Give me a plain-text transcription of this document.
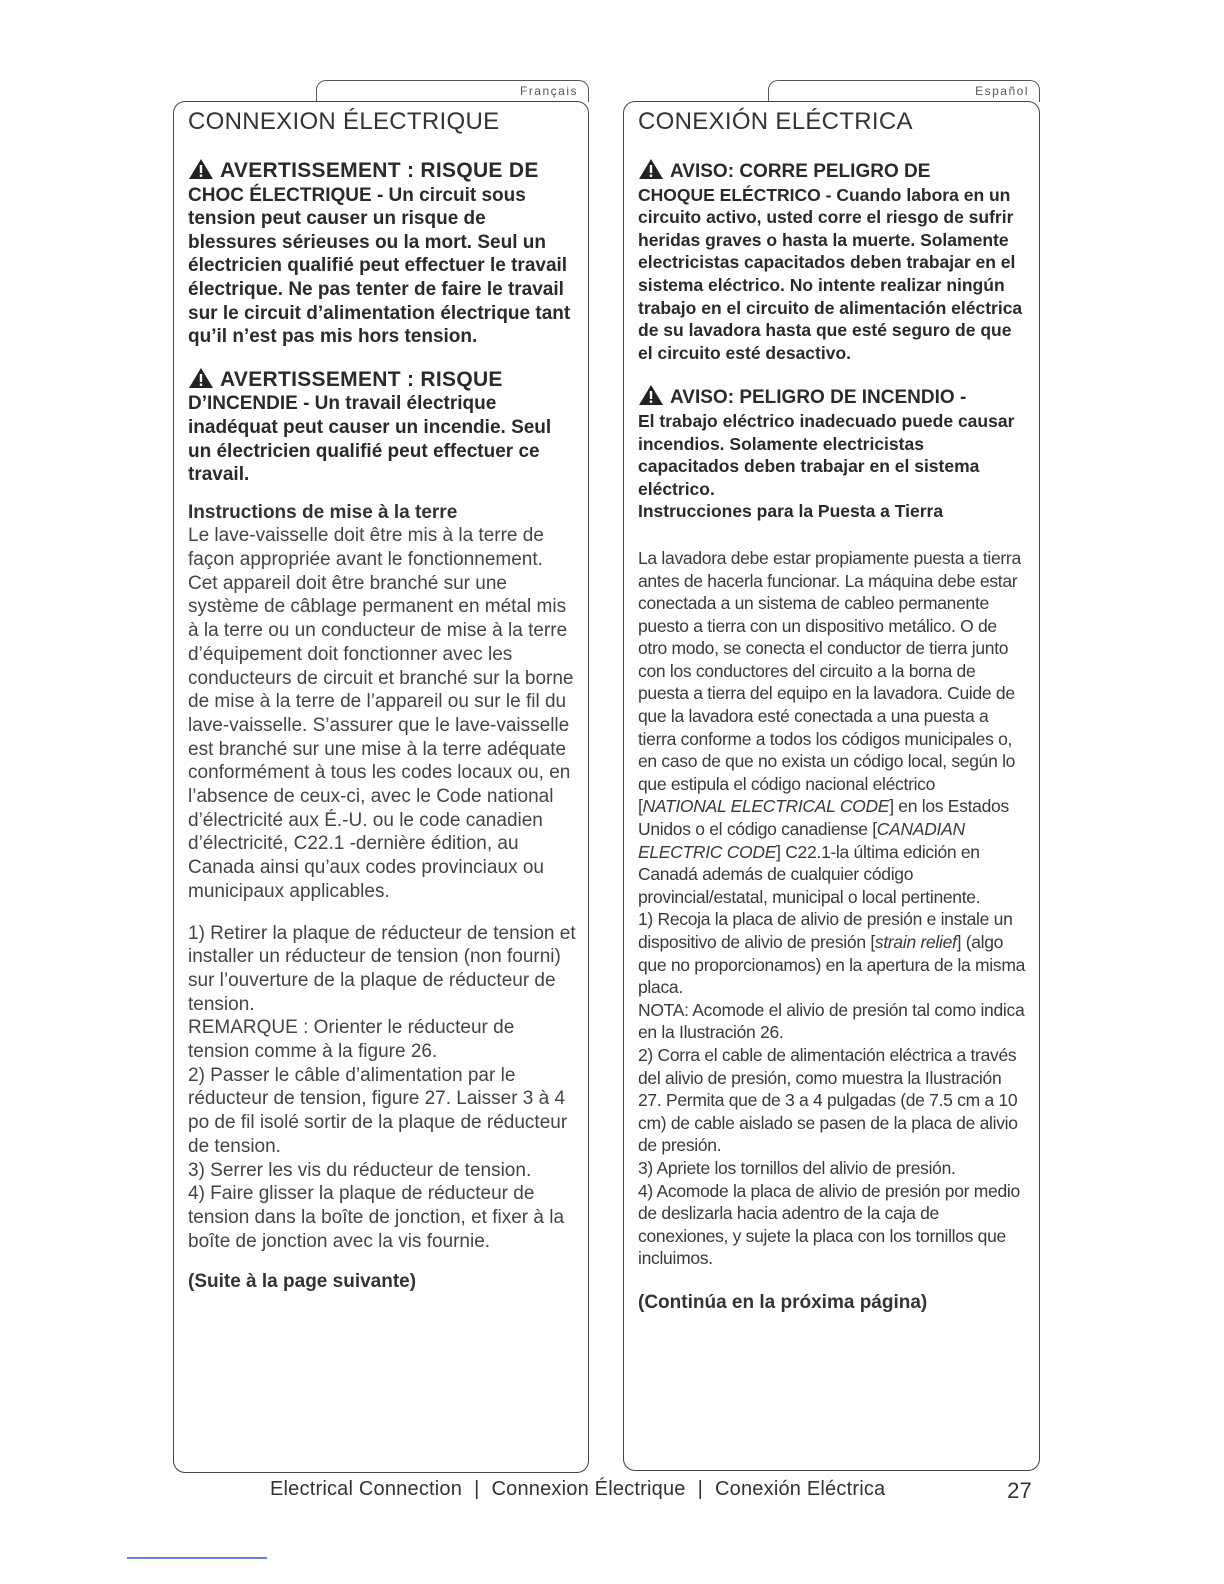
Français
CONNEXION ÉLECTRIQUE
AVERTISSEMENT : RISQUE DE
CHOC ÉLECTRIQUE - Un circuit sous tension peut causer un risque de blessures sérieuses ou la mort. Seul un électricien qualifié peut effectuer le travail électrique. Ne pas tenter de faire le travail sur le circuit d’alimentation électrique tant qu’il n’est pas mis hors tension.
AVERTISSEMENT : RISQUE
D’INCENDIE - Un travail électrique inadéquat peut causer un incendie. Seul un électricien qualifié peut effectuer ce travail.
Instructions de mise à la terre
Le lave-vaisselle doit être mis à la terre de façon appropriée avant le fonctionnement. Cet appareil doit être branché sur une système de câblage permanent en métal mis à la terre ou un conducteur de mise à la terre d’équipement doit fonctionner avec les conducteurs de circuit et branché sur la borne de mise à la terre de l’appareil ou sur le fil du lave-vaisselle. S’assurer que le lave-vaisselle est branché sur une mise à la terre adéquate conformément à tous les codes locaux ou, en l’absence de ceux-ci, avec le Code national d’électricité aux É.-U. ou le code canadien d’électricité, C22.1 -dernière édition, au Canada ainsi qu’aux codes provinciaux ou municipaux applicables.
1) Retirer la plaque de réducteur de tension et installer un réducteur de tension (non fourni) sur l’ouverture de la plaque de réducteur de tension.
REMARQUE : Orienter le réducteur de tension comme à la figure 26.
2) Passer le câble d’alimentation par le réducteur de tension, figure 27. Laisser 3 à 4 po de fil isolé sortir de la plaque de réducteur de tension.
3) Serrer les vis du réducteur de tension.
4) Faire glisser la plaque de réducteur de tension dans la boîte de jonction, et fixer à la boîte de jonction avec la vis fournie.
(Suite à la page suivante)
Español
CONEXIÓN ELÉCTRICA
AVISO: CORRE PELIGRO DE
CHOQUE ELÉCTRICO - Cuando labora en un circuito activo, usted corre el riesgo de sufrir heridas graves o hasta la muerte. Solamente electricistas capacitados deben trabajar en el sistema eléctrico. No intente realizar ningún trabajo en el circuito de alimentación eléctrica de su lavadora hasta que esté seguro de que el circuito esté desactivo.
AVISO: PELIGRO DE INCENDIO -
El trabajo eléctrico inadecuado puede causar incendios. Solamente electricistas capacitados deben trabajar en el sistema eléctrico.
Instrucciones para la Puesta a Tierra
La lavadora debe estar propiamente puesta a tierra antes de hacerla funcionar. La máquina debe estar conectada a un sistema de cableo permanente puesto a tierra con un dispositivo metálico. O de otro modo, se conecta el conductor de tierra junto con los conductores del circuito a la borna de puesta a tierra del equipo en la lavadora. Cuide de que la lavadora esté conectada a una puesta a tierra conforme a todos los códigos municipales o, en caso de que no exista un código local, según lo que estipula el código nacional eléctrico [NATIONAL ELECTRICAL CODE] en los Estados Unidos o el código canadiense [CANADIAN ELECTRIC CODE] C22.1-la última edición en Canadá además de cualquier código provincial/estatal, municipal o local pertinente.
1) Recoja la placa de alivio de presión e instale un dispositivo de alivio de presión [strain relief] (algo que no proporcionamos) en la apertura de la misma placa.
NOTA: Acomode el alivio de presión tal como indica en la Ilustración 26.
2) Corra el cable de alimentación eléctrica a través del alivio de presión, como muestra la Ilustración 27. Permita que de 3 a 4 pulgadas (de 7.5 cm a 10 cm) de cable aislado se pasen de la placa de alivio de presión.
3) Apriete los tornillos del alivio de presión.
4) Acomode la placa de alivio de presión por medio de deslizarla hacia adentro de la caja de conexiones, y sujete la placa con los tornillos que incluimos.
(Continúa en la próxima página)
Electrical Connection | Connexion Électrique | Conexión Eléctrica	27
